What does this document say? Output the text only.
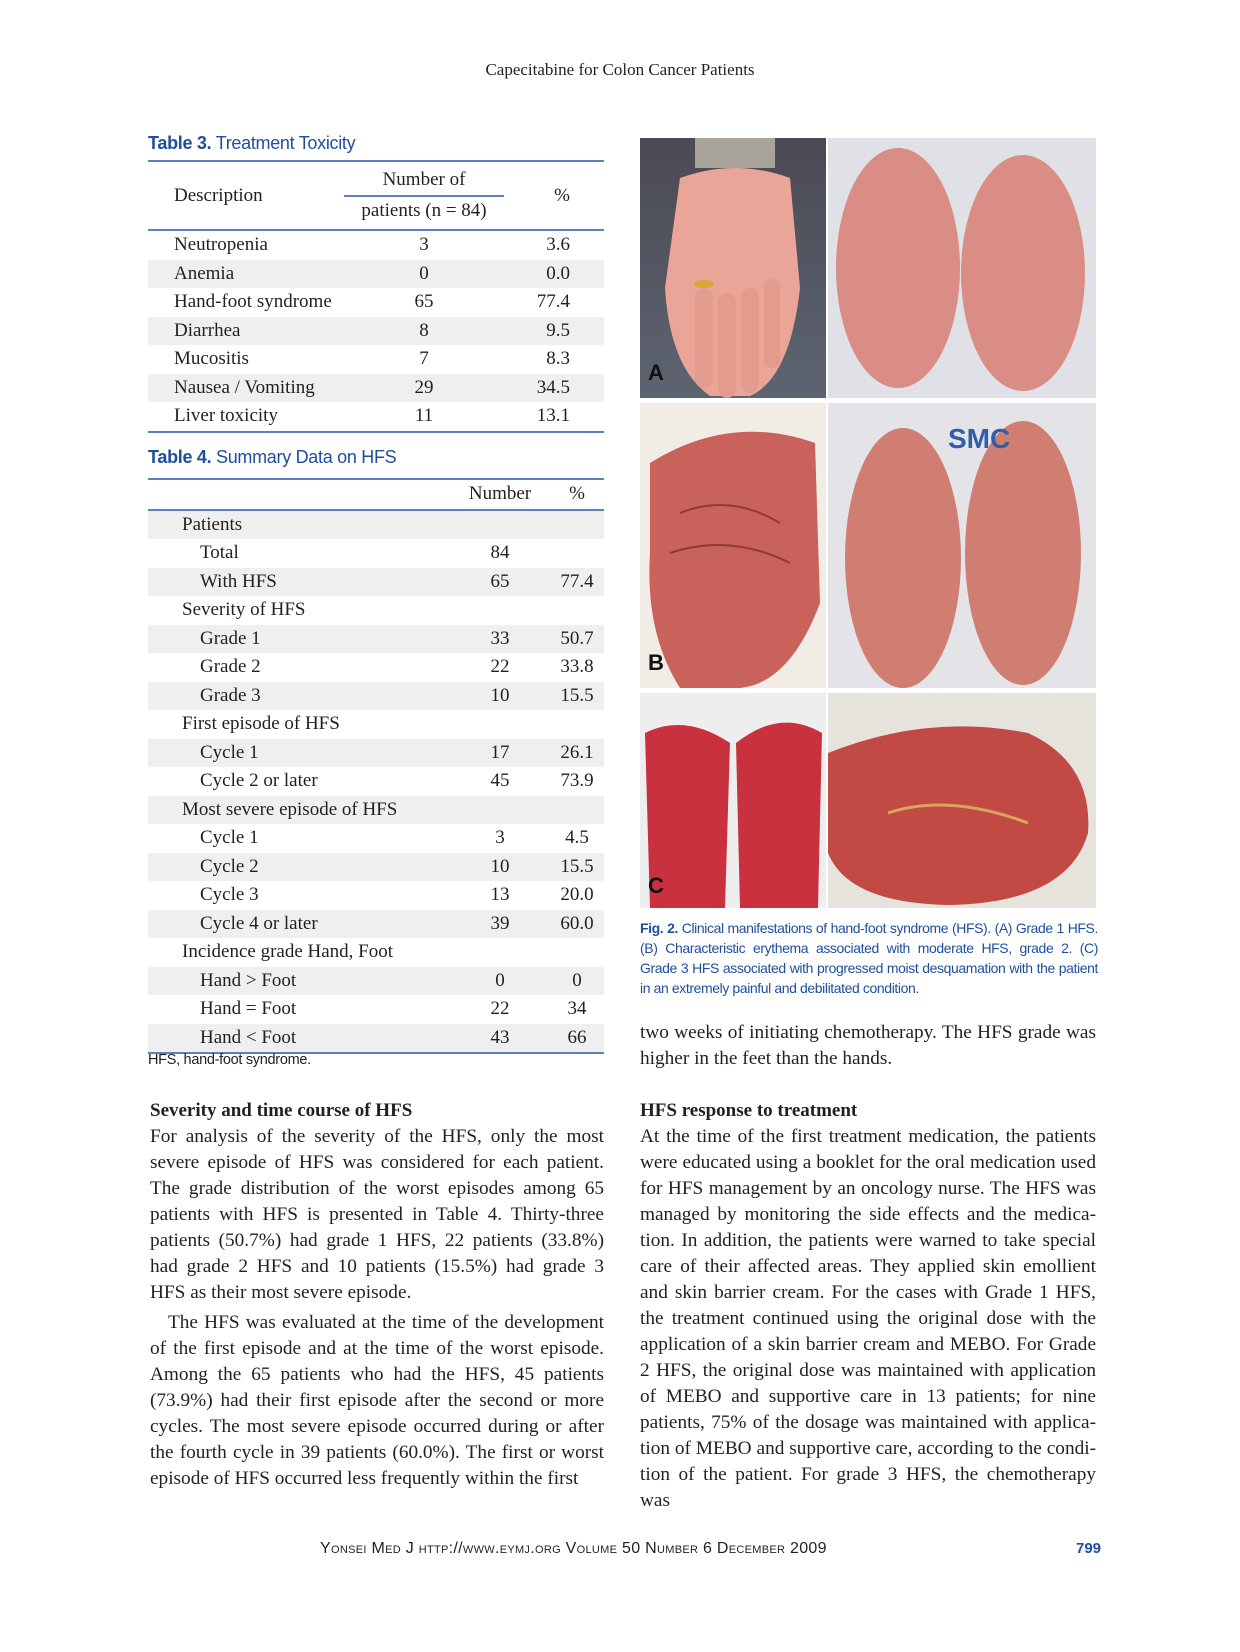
Capecitabine for Colon Cancer Patients
Table 3. Treatment Toxicity
Description	Number of	%
	patients (n = 84)	
Neutropenia	3	3.6
Anemia	0	0.0
Hand-foot syndrome	65	77.4
Diarrhea	8	9.5
Mucositis	7	8.3
Nausea / Vomiting	29	34.5
Liver toxicity	11	13.1
Table 4. Summary Data on HFS
	Number	%
Patients		
Total	84	
With HFS	65	77.4
Severity of HFS		
Grade 1	33	50.7
Grade 2	22	33.8
Grade 3	10	15.5
First episode of HFS		
Cycle 1	17	26.1
Cycle 2 or later	45	73.9
Most severe episode of HFS		
Cycle 1	3	4.5
Cycle 2	10	15.5
Cycle 3	13	20.0
Cycle 4 or later	39	60.0
Incidence grade Hand, Foot		
Hand > Foot	0	0
Hand = Foot	22	34
Hand < Foot	43	66
HFS, hand-foot syndrome.
Severity and time course of HFS

For analysis of the severity of the HFS, only the most severe episode of HFS was considered for each patient. The grade distribution of the worst episodes among 65 patients with HFS is presented in Table 4. Thirty-three patients (50.7%) had grade 1 HFS, 22 patients (33.8%) had grade 2 HFS and 10 patients (15.5%) had grade 3 HFS as their most severe episode.

The HFS was evaluated at the time of the development of the first episode and at the time of the worst episode. Among the 65 patients who had the HFS, 45 patients (73.9%) had their first episode after the second or more cycles. The most severe episode occurred during or after the fourth cycle in 39 patients (60.0%). The first or worst episode of HFS occurred less frequently within the first

A
SMC
B
C
Fig. 2. Clinical manifestations of hand-foot syndrome (HFS). (A) Grade 1 HFS. (B) Characteristic erythema associated with moderate HFS, grade 2. (C) Grade 3 HFS associated with progressed moist desquamation with the patient in an extremely painful and debilitated condition.

two weeks of initiating chemotherapy. The HFS grade was higher in the feet than the hands.

HFS response to treatment

At the time of the first treatment medication, the patients were educated using a booklet for the oral medication used for HFS management by an oncology nurse. The HFS was managed by monitoring the side effects and the medica-tion. In addition, the patients were warned to take special care of their affected areas. They applied skin emollient and skin barrier cream. For the cases with Grade 1 HFS, the treatment continued using the original dose with the application of a skin barrier cream and MEBO. For Grade 2 HFS, the original dose was maintained with application of MEBO and supportive care in 13 patients; for nine patients, 75% of the dosage was maintained with applica-tion of MEBO and supportive care, according to the condi-tion of the patient. For grade 3 HFS, the chemotherapy was

Yonsei Med J http://www.eymj.org Volume 50 Number 6 December 2009	799
